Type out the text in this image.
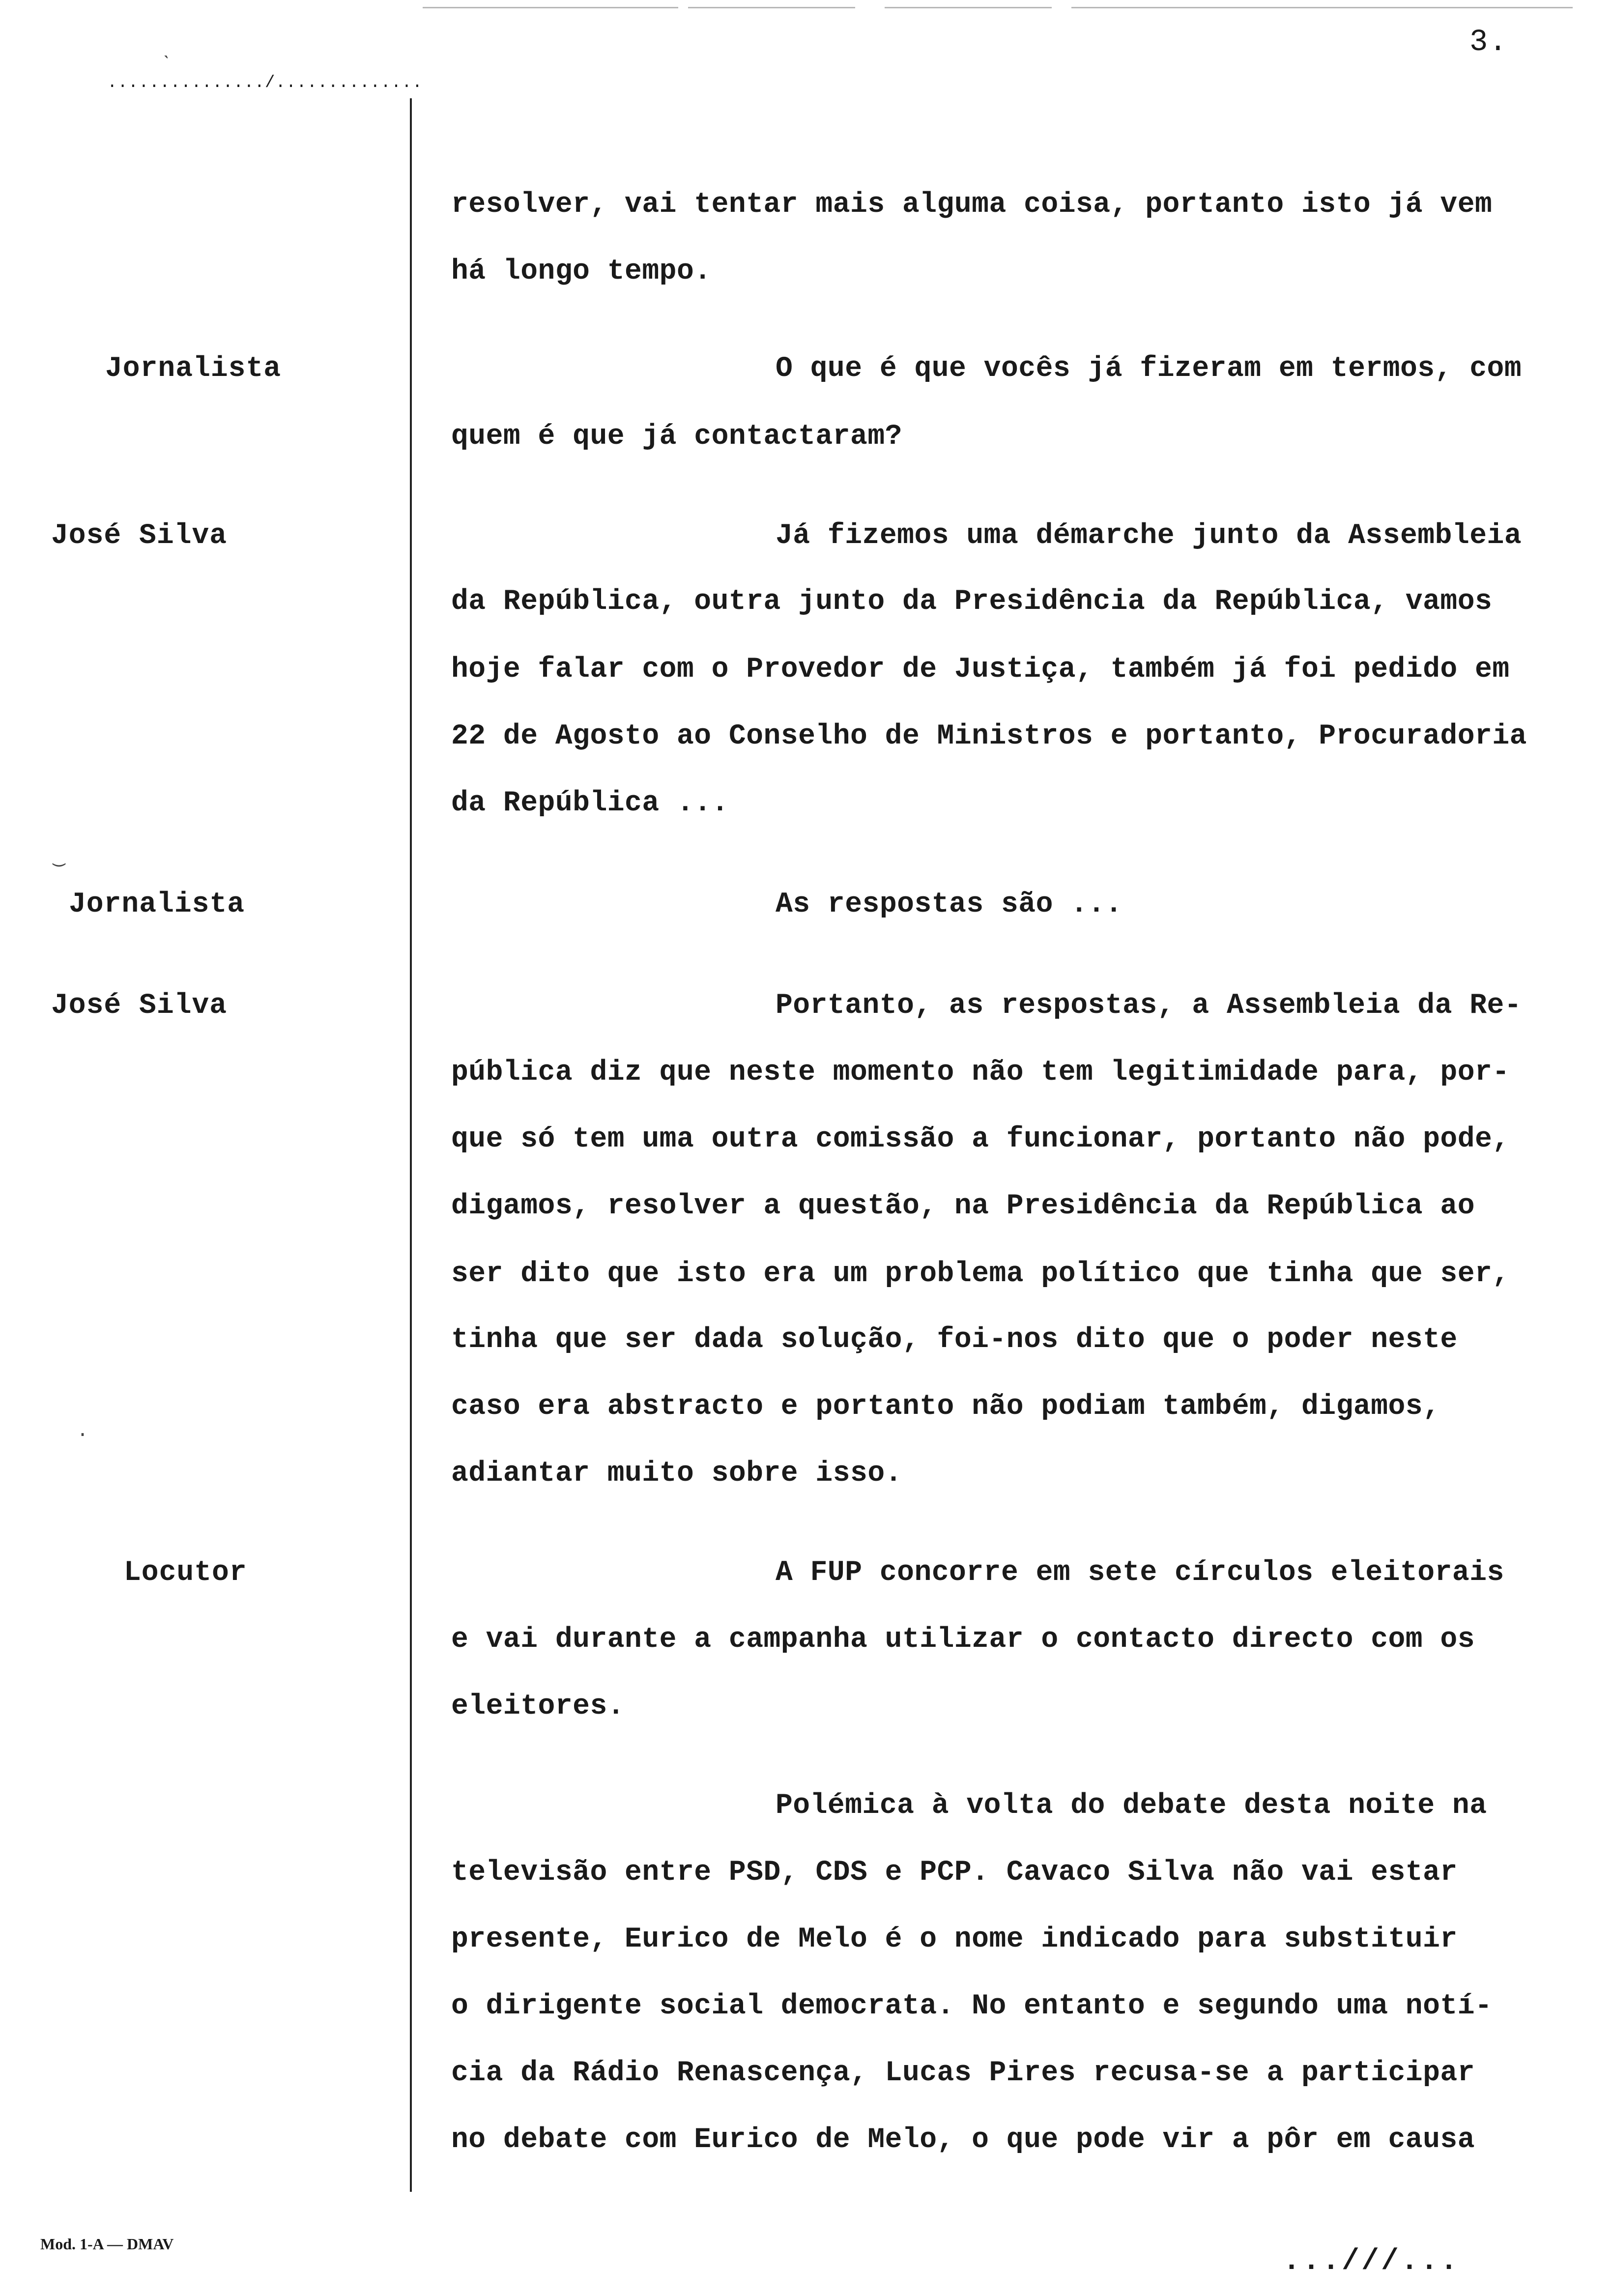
3.
.............../..............
ˋ
‿
·
Jornalista
José Silva
Jornalista
José Silva
Locutor
resolver, vai tentar mais alguma coisa, portanto isto já vem
há longo tempo.
O que é que vocês já fizeram em termos, com
quem é que já contactaram?
Já fizemos uma démarche junto da Assembleia
da República, outra junto da Presidência da República, vamos
hoje falar com o Provedor de Justiça, também já foi pedido em
22 de Agosto ao Conselho de Ministros e portanto, Procuradoria
da República ...
As respostas são ...
Portanto, as respostas, a Assembleia da Re-
pública diz que neste momento não tem legitimidade para, por-
que só tem uma outra comissão a funcionar, portanto não pode,
digamos, resolver a questão, na Presidência da República ao
ser dito que isto era um problema político que tinha que ser,
tinha que ser dada solução, foi-nos dito que o poder neste
caso era abstracto e portanto não podiam também, digamos,
adiantar muito sobre isso.
A FUP concorre em sete círculos eleitorais
e vai durante a campanha utilizar o contacto directo com os
eleitores.
Polémica à volta do debate desta noite na
televisão entre PSD, CDS e PCP. Cavaco Silva não vai estar
presente, Eurico de Melo é o nome indicado para substituir
o dirigente social democrata. No entanto e segundo uma notí-
cia da Rádio Renascença, Lucas Pires recusa-se a participar
no debate com Eurico de Melo, o que pode vir a pôr em causa
Mod. 1-A — DMAV
...///...
